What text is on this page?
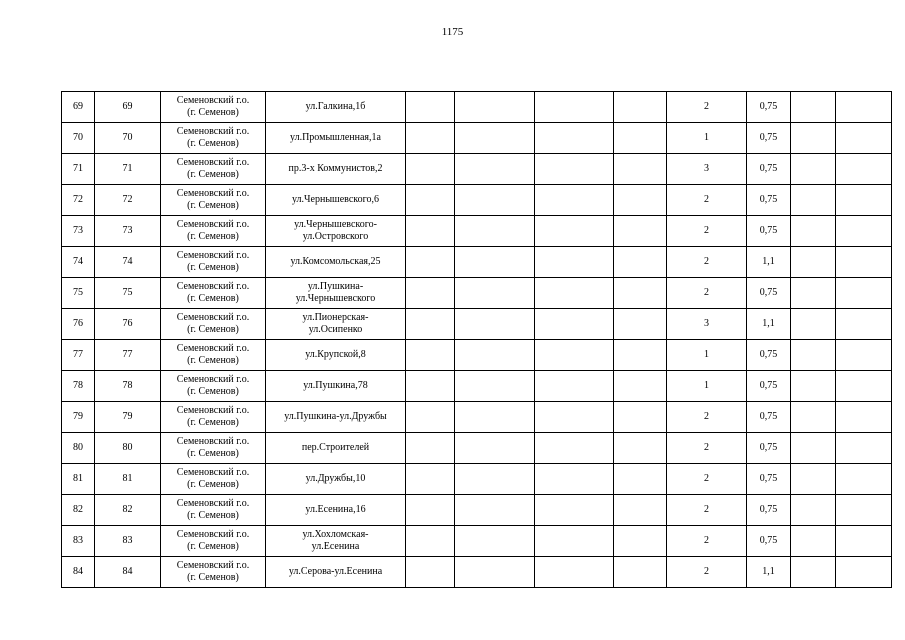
1175
69	69	Семеновский г.о.
(г. Семенов)	ул.Галкина,1б					2	0,75		
70	70	Семеновский г.о.
(г. Семенов)	ул.Промышленная,1а					1	0,75		
71	71	Семеновский г.о.
(г. Семенов)	пр.3-х Коммунистов,2					3	0,75		
72	72	Семеновский г.о.
(г. Семенов)	ул.Чернышевского,6					2	0,75		
73	73	Семеновский г.о.
(г. Семенов)	ул.Чернышевского-
ул.Островского					2	0,75		
74	74	Семеновский г.о.
(г. Семенов)	ул.Комсомольская,25					2	1,1		
75	75	Семеновский г.о.
(г. Семенов)	ул.Пушкина-
ул.Чернышевского					2	0,75		
76	76	Семеновский г.о.
(г. Семенов)	ул.Пионерская-
ул.Осипенко					3	1,1		
77	77	Семеновский г.о.
(г. Семенов)	ул.Крупской,8					1	0,75		
78	78	Семеновский г.о.
(г. Семенов)	ул.Пушкина,78					1	0,75		
79	79	Семеновский г.о.
(г. Семенов)	ул.Пушкина-ул.Дружбы					2	0,75		
80	80	Семеновский г.о.
(г. Семенов)	пер.Строителей					2	0,75		
81	81	Семеновский г.о.
(г. Семенов)	ул.Дружбы,10					2	0,75		
82	82	Семеновский г.о.
(г. Семенов)	ул.Есенина,16					2	0,75		
83	83	Семеновский г.о.
(г. Семенов)	ул.Хохломская-
ул.Есенина					2	0,75		
84	84	Семеновский г.о.
(г. Семенов)	ул.Серова-ул.Есенина					2	1,1		
